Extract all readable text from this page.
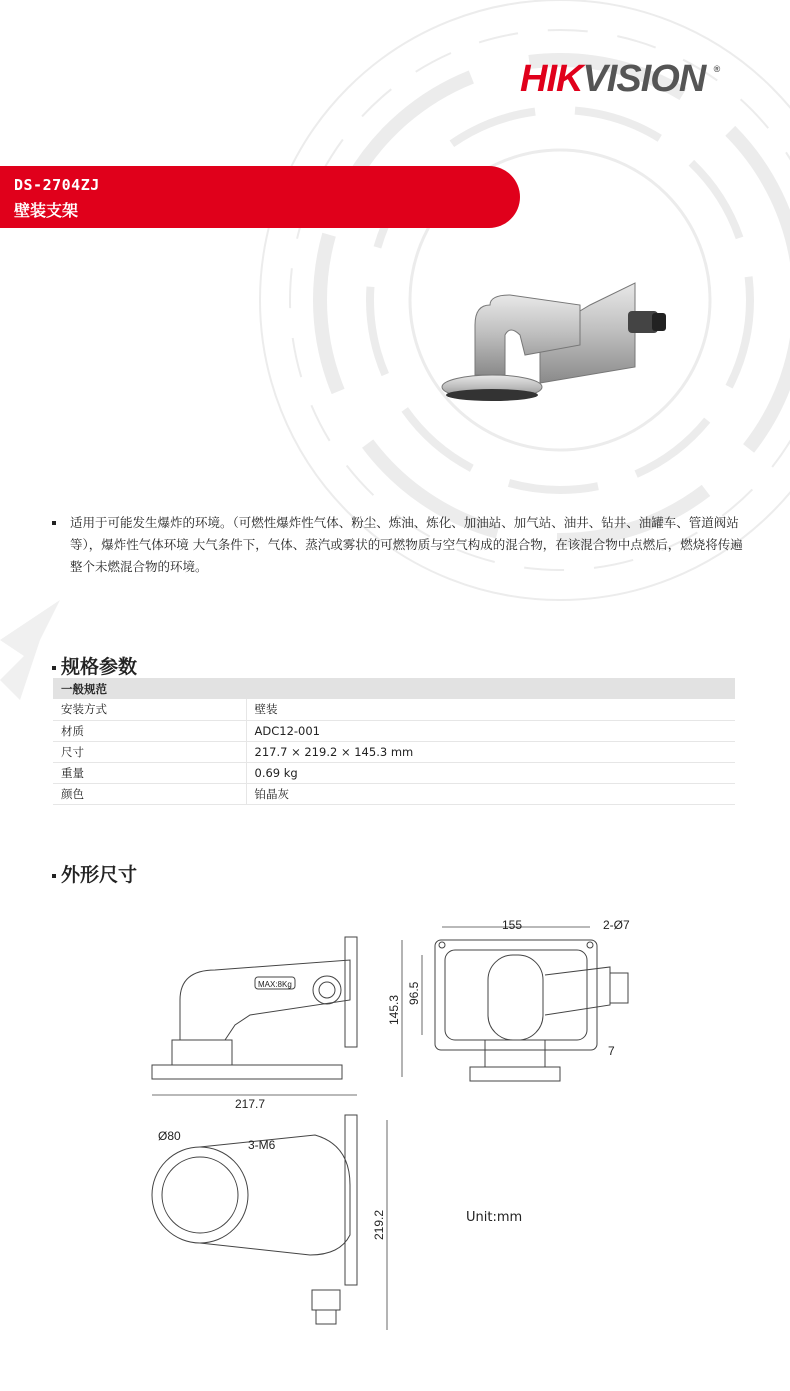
HIKVISION ®
DS-2704ZJ
壁装支架
适用于可能发生爆炸的环境。（可燃性爆炸性气体、粉尘、炼油、炼化、加油站、加气站、油井、钻井、油罐车、管道阀站等），爆炸性气体环境 大气条件下，气体、蒸汽或雾状的可燃物质与空气构成的混合物，在该混合物中点燃后，燃烧将传遍整个未燃混合物的环境。
规格参数
一般规范	
安装方式	壁装
材质	ADC12-001
尺寸	217.7 × 219.2 × 145.3 mm
重量	0.69 kg
颜色	铂晶灰
外形尺寸
217.7
155	2-Ø7
145.3
96.5
7
Ø80
3-M6
219.2
MAX:8Kg
Unit:mm
